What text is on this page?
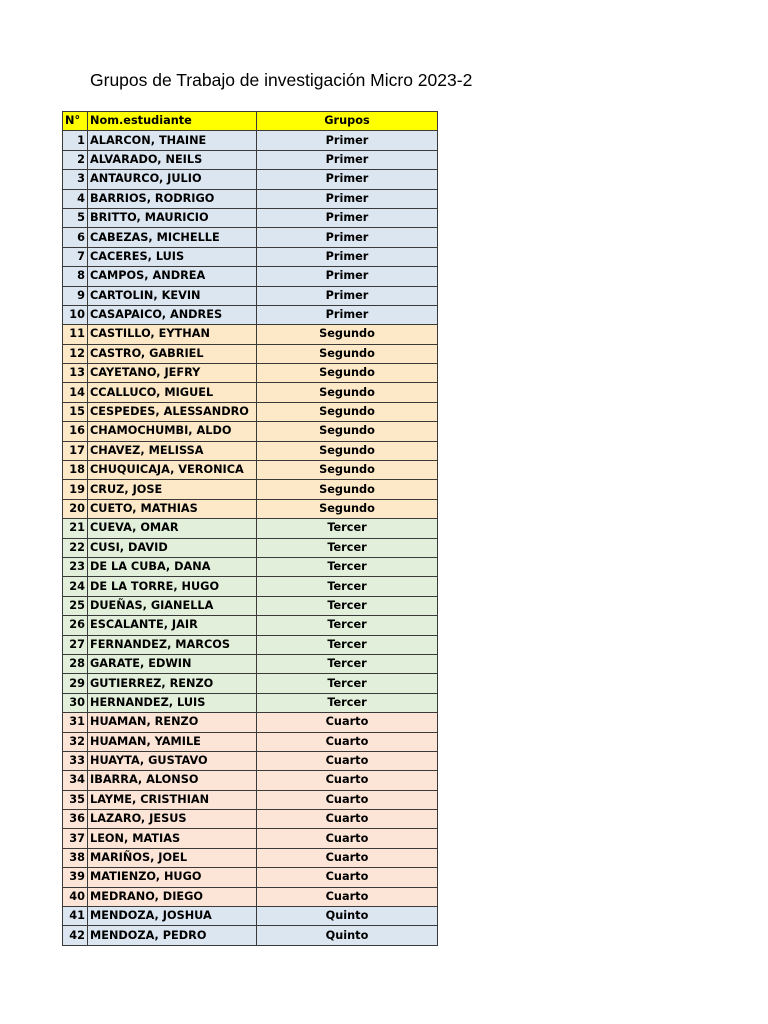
Grupos de Trabajo de investigación Micro 2023-2
N°	Nom.estudiante	Grupos
1	ALARCON, THAINE	Primer
2	ALVARADO, NEILS	Primer
3	ANTAURCO, JULIO	Primer
4	BARRIOS, RODRIGO	Primer
5	BRITTO, MAURICIO	Primer
6	CABEZAS, MICHELLE	Primer
7	CACERES, LUIS	Primer
8	CAMPOS, ANDREA	Primer
9	CARTOLIN, KEVIN	Primer
10	CASAPAICO, ANDRES	Primer
11	CASTILLO, EYTHAN	Segundo
12	CASTRO, GABRIEL	Segundo
13	CAYETANO, JEFRY	Segundo
14	CCALLUCO, MIGUEL	Segundo
15	CESPEDES, ALESSANDRO	Segundo
16	CHAMOCHUMBI, ALDO	Segundo
17	CHAVEZ, MELISSA	Segundo
18	CHUQUICAJA, VERONICA	Segundo
19	CRUZ, JOSE	Segundo
20	CUETO, MATHIAS	Segundo
21	CUEVA, OMAR	Tercer
22	CUSI, DAVID	Tercer
23	DE LA CUBA, DANA	Tercer
24	DE LA TORRE, HUGO	Tercer
25	DUEÑAS, GIANELLA	Tercer
26	ESCALANTE, JAIR	Tercer
27	FERNANDEZ, MARCOS	Tercer
28	GARATE, EDWIN	Tercer
29	GUTIERREZ, RENZO	Tercer
30	HERNANDEZ, LUIS	Tercer
31	HUAMAN, RENZO	Cuarto
32	HUAMAN, YAMILE	Cuarto
33	HUAYTA, GUSTAVO	Cuarto
34	IBARRA, ALONSO	Cuarto
35	LAYME, CRISTHIAN	Cuarto
36	LAZARO, JESUS	Cuarto
37	LEON, MATIAS	Cuarto
38	MARIÑOS, JOEL	Cuarto
39	MATIENZO, HUGO	Cuarto
40	MEDRANO, DIEGO	Cuarto
41	MENDOZA, JOSHUA	Quinto
42	MENDOZA, PEDRO	Quinto
